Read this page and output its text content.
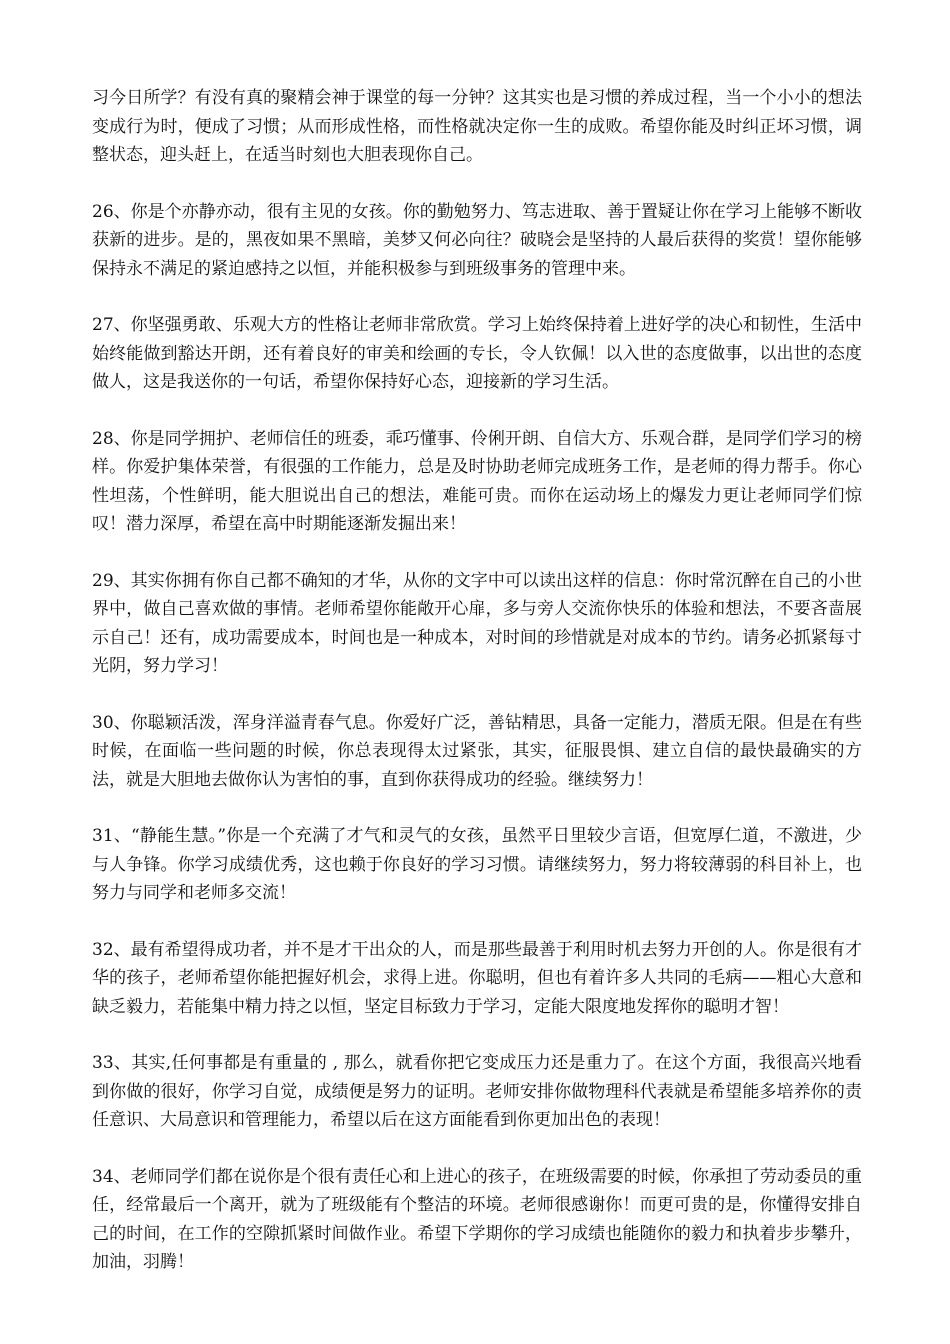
习今日所学？有没有真的聚精会神于课堂的每一分钟？这其实也是习惯的养成过程，当一个小小的想法变成行为时，便成了习惯；从而形成性格，而性格就决定你一生的成败。希望你能及时纠正坏习惯，调整状态，迎头赶上，在适当时刻也大胆表现你自己。

26、你是个亦静亦动，很有主见的女孩。你的勤勉努力、笃志进取、善于置疑让你在学习上能够不断收获新的进步。是的，黑夜如果不黑暗，美梦又何必向往？破晓会是坚持的人最后获得的奖赏！望你能够保持永不满足的紧迫感持之以恒，并能积极参与到班级事务的管理中来。

27、你坚强勇敢、乐观大方的性格让老师非常欣赏。学习上始终保持着上进好学的决心和韧性，生活中始终能做到豁达开朗，还有着良好的审美和绘画的专长，令人钦佩！以入世的态度做事，以出世的态度做人，这是我送你的一句话，希望你保持好心态，迎接新的学习生活。

28、你是同学拥护、老师信任的班委，乖巧懂事、伶俐开朗、自信大方、乐观合群，是同学们学习的榜样。你爱护集体荣誉，有很强的工作能力，总是及时协助老师完成班务工作，是老师的得力帮手。你心性坦荡，个性鲜明，能大胆说出自己的想法，难能可贵。而你在运动场上的爆发力更让老师同学们惊叹！潜力深厚，希望在高中时期能逐渐发掘出来！

29、其实你拥有你自己都不确知的才华，从你的文字中可以读出这样的信息：你时常沉醉在自己的小世界中，做自己喜欢做的事情。老师希望你能敞开心扉，多与旁人交流你快乐的体验和想法，不要吝啬展示自己！还有，成功需要成本，时间也是一种成本，对时间的珍惜就是对成本的节约。请务必抓紧每寸光阴，努力学习！

30、你聪颖活泼，浑身洋溢青春气息。你爱好广泛，善钻精思，具备一定能力，潜质无限。但是在有些时候，在面临一些问题的时候，你总表现得太过紧张，其实，征服畏惧、建立自信的最快最确实的方法，就是大胆地去做你认为害怕的事，直到你获得成功的经验。继续努力！

31、“静能生慧。”你是一个充满了才气和灵气的女孩，虽然平日里较少言语，但宽厚仁道，不激进，少与人争锋。你学习成绩优秀，这也赖于你良好的学习习惯。请继续努力，努力将较薄弱的科目补上，也努力与同学和老师多交流！

32、最有希望得成功者，并不是才干出众的人，而是那些最善于利用时机去努力开创的人。你是很有才华的孩子，老师希望你能把握好机会，求得上进。你聪明，但也有着许多人共同的毛病——粗心大意和缺乏毅力，若能集中精力持之以恒，坚定目标致力于学习，定能大限度地发挥你的聪明才智！

33、其实,任何事都是有重量的 , 那么，就看你把它变成压力还是重力了。在这个方面，我很高兴地看到你做的很好，你学习自觉，成绩便是努力的证明。老师安排你做物理科代表就是希望能多培养你的责任意识、大局意识和管理能力，希望以后在这方面能看到你更加出色的表现！

34、老师同学们都在说你是个很有责任心和上进心的孩子，在班级需要的时候，你承担了劳动委员的重任，经常最后一个离开，就为了班级能有个整洁的环境。老师很感谢你！而更可贵的是，你懂得安排自己的时间，在工作的空隙抓紧时间做作业。希望下学期你的学习成绩也能随你的毅力和执着步步攀升，加油，羽腾！
